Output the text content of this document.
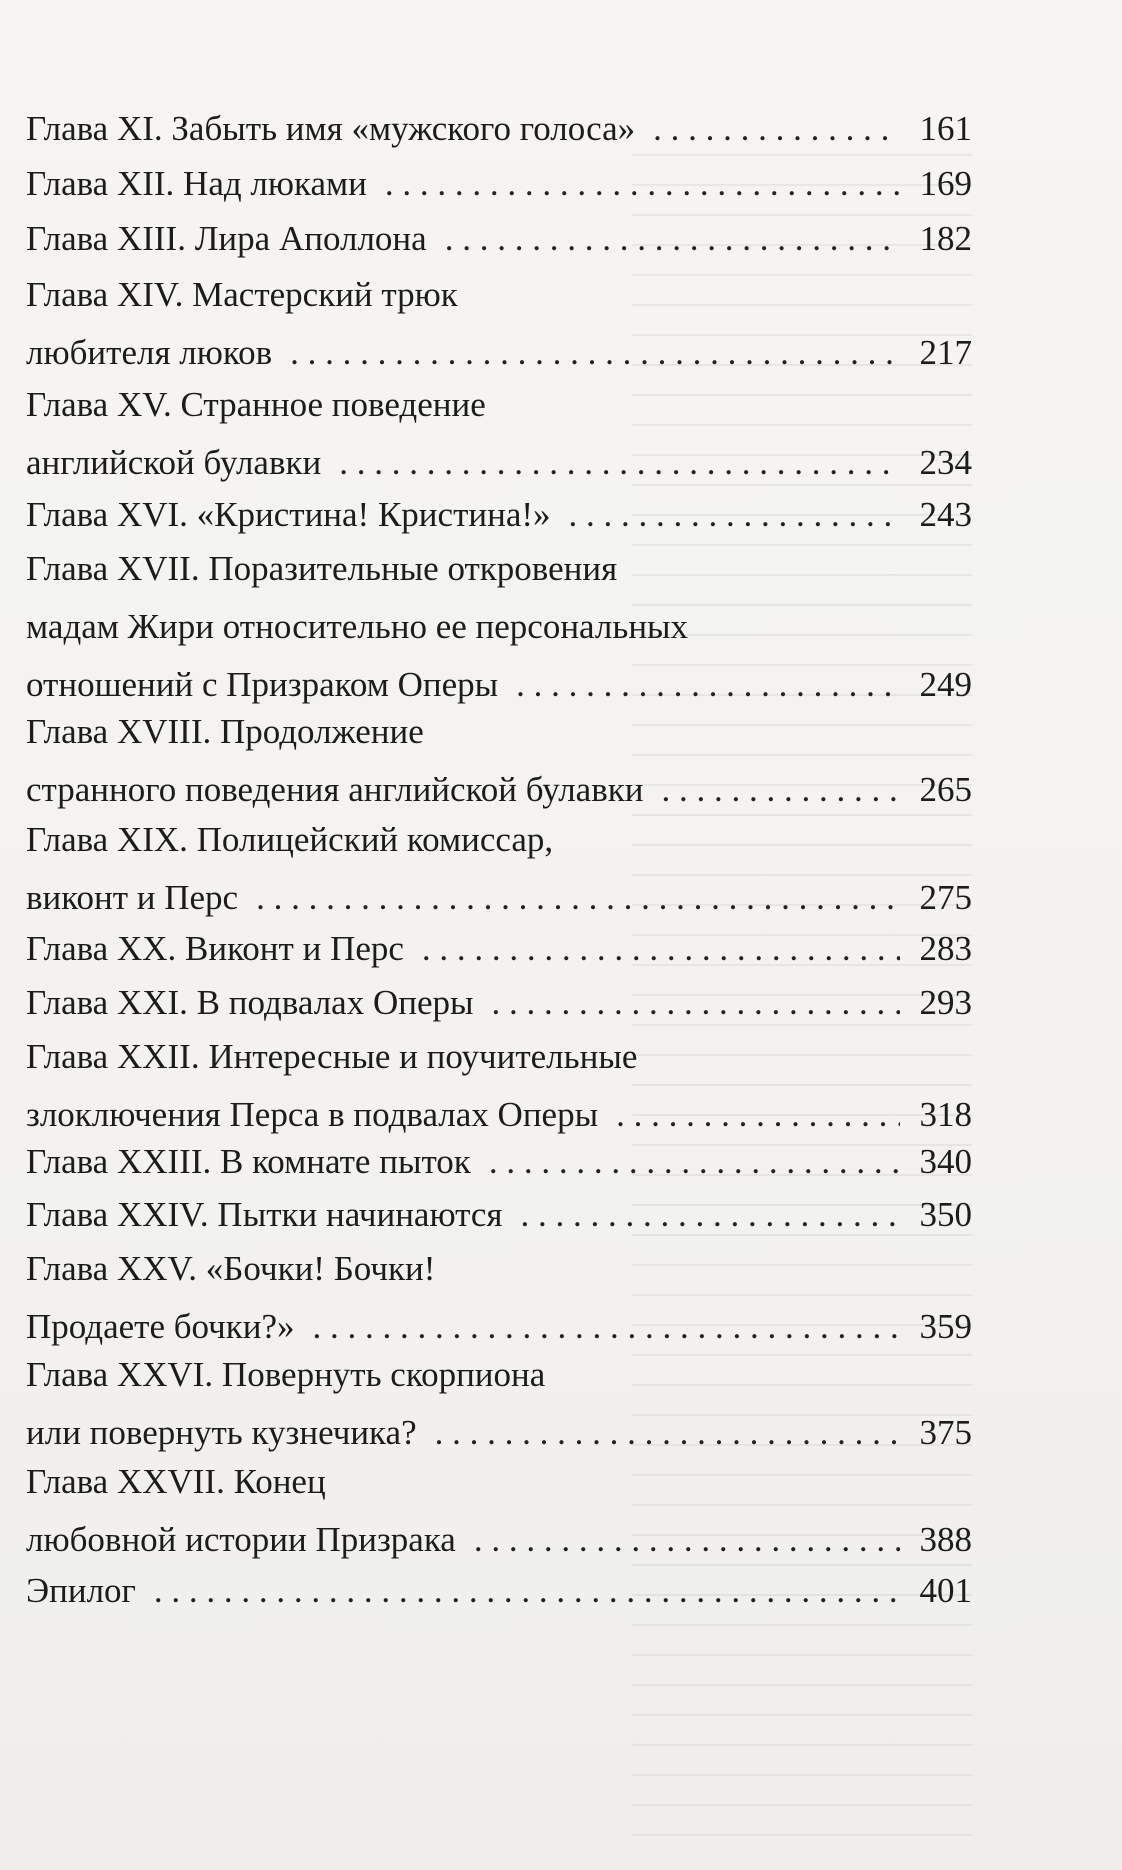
Глава XI. Забыть имя «мужского голоса» . . .	161
Глава XII. Над люками . . .	169
Глава XIII. Лира Аполлона . . .	182
Глава XIV. Мастерский трюк
любителя люков . . .	217
Глава XV. Странное поведение
английской булавки . . .	234
Глава XVI. «Кристина! Кристина!» . . .	243
Глава XVII. Поразительные откровения
мадам Жири относительно ее персональных
отношений с Призраком Оперы . . .	249
Глава XVIII. Продолжение
странного поведения английской булавки . . .	265
Глава XIX. Полицейский комиссар,
виконт и Перс . . .	275
Глава XX. Виконт и Перс . . .	283
Глава XXI. В подвалах Оперы . . .	293
Глава XXII. Интересные и поучительные
злоключения Перса в подвалах Оперы . . .	318
Глава XXIII. В комнате пыток . . .	340
Глава XXIV. Пытки начинаются . . .	350
Глава XXV. «Бочки! Бочки!
Продаете бочки?» . . .	359
Глава XXVI. Повернуть скорпиона
или повернуть кузнечика? . . .	375
Глава XXVII. Конец
любовной истории Призрака . . .	388
Эпилог . . .	401
